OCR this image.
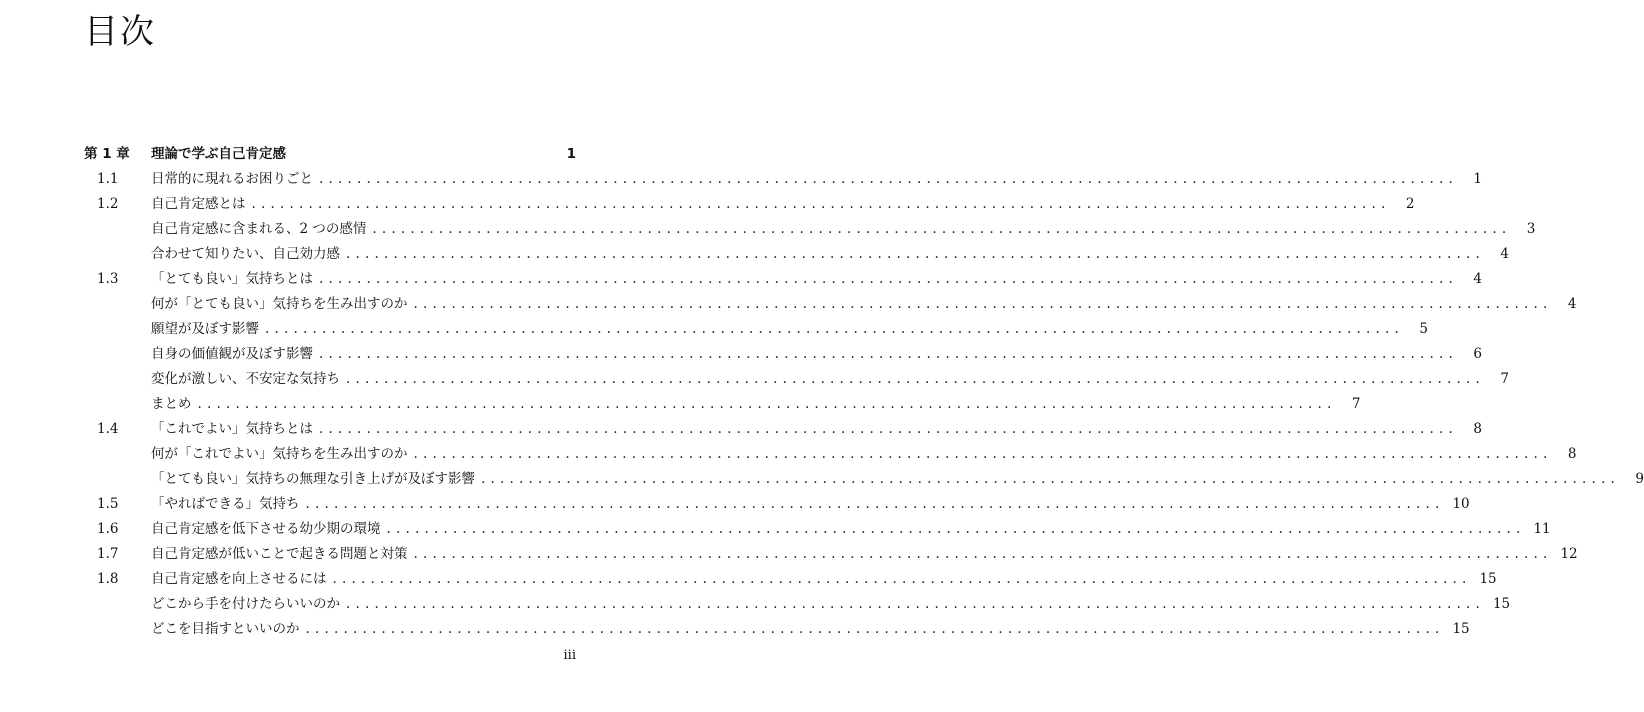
目次
第 1 章 理論で学ぶ自己肯定感	1
1.1	日常的に現れるお困りごと ........................................................................................................................	1
1.2	自己肯定感とは ........................................................................................................................	2
自己肯定感に含まれる、2 つの感情 ........................................................................................................................	3
合わせて知りたい、自己効力感 ........................................................................................................................	4
1.3	「とても良い」気持ちとは ........................................................................................................................	4
何が「とても良い」気持ちを生み出すのか ........................................................................................................................	4
願望が及ぼす影響 ........................................................................................................................	5
自身の価値観が及ぼす影響 ........................................................................................................................	6
変化が激しい、不安定な気持ち ........................................................................................................................	7
まとめ ........................................................................................................................	7
1.4	「これでよい」気持ちとは ........................................................................................................................	8
何が「これでよい」気持ちを生み出すのか ........................................................................................................................	8
「とても良い」気持ちの無理な引き上げが及ぼす影響 ........................................................................................................................	9
1.5	「やればできる」気持ち ........................................................................................................................ 10
1.6	自己肯定感を低下させる幼少期の環境 ........................................................................................................................ 11
1.7	自己肯定感が低いことで起きる問題と対策 ........................................................................................................................ 12
1.8	自己肯定感を向上させるには ........................................................................................................................ 15
どこから手を付けたらいいのか ........................................................................................................................ 15
どこを目指すといいのか ........................................................................................................................ 15
iii
